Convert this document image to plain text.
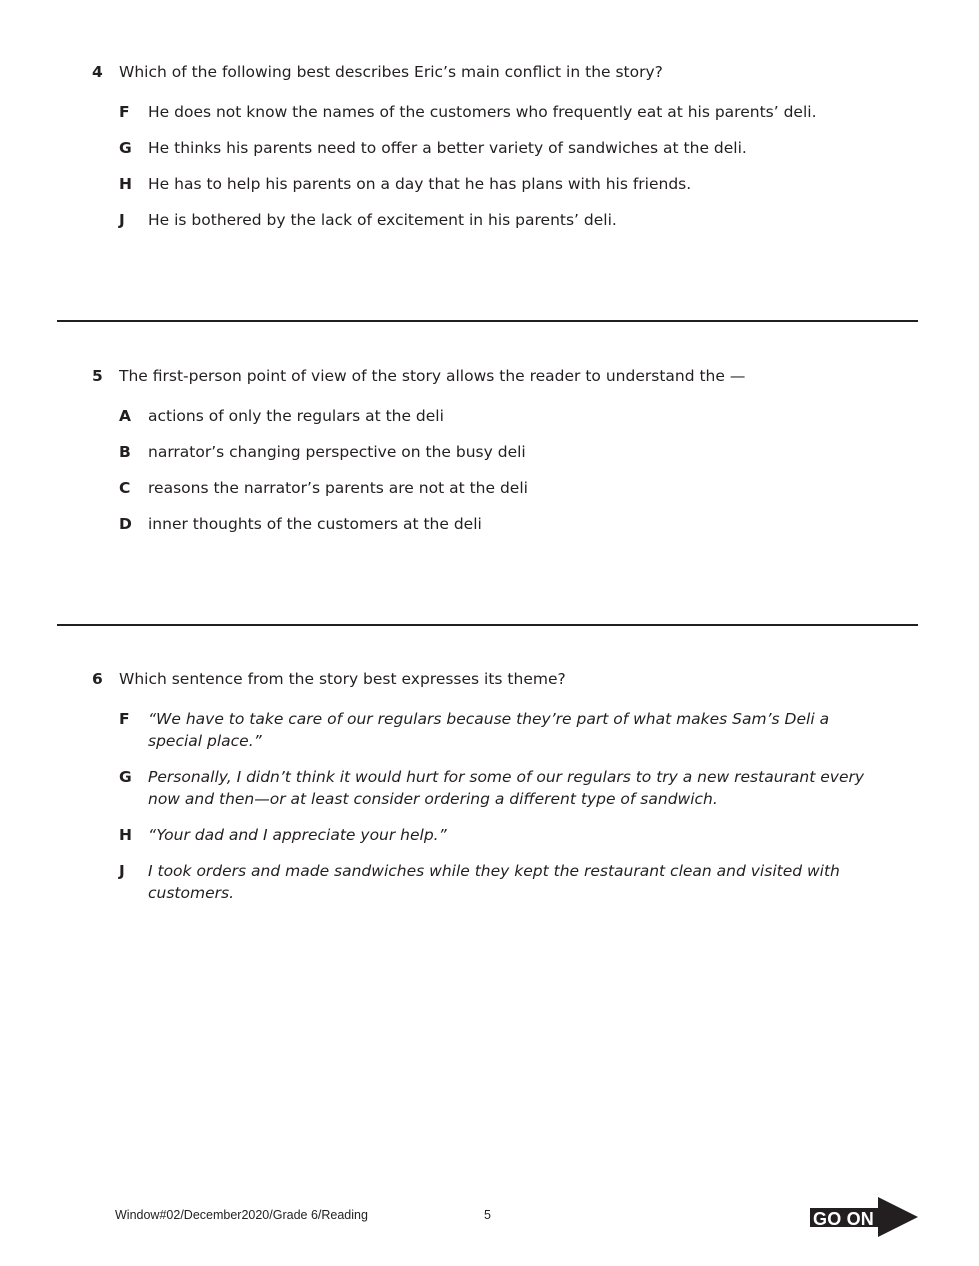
4	Which of the following best describes Eric’s main conflict in the story?
F	He does not know the names of the customers who frequently eat at his parents’ deli.
G	He thinks his parents need to offer a better variety of sandwiches at the deli.
H	He has to help his parents on a day that he has plans with his friends.
J	He is bothered by the lack of excitement in his parents’ deli.
5	The first-person point of view of the story allows the reader to understand the —
A	actions of only the regulars at the deli
B	narrator’s changing perspective on the busy deli
C	reasons the narrator’s parents are not at the deli
D	inner thoughts of the customers at the deli
6	Which sentence from the story best expresses its theme?
F	“We have to take care of our regulars because they’re part of what makes Sam’s Deli a special place.”
G	Personally, I didn’t think it would hurt for some of our regulars to try a new restaurant every now and then—or at least consider ordering a different type of sandwich.
H	“Your dad and I appreciate your help.”
J	I took orders and made sandwiches while they kept the restaurant clean and visited with customers.
Window#02/December2020/Grade 6/Reading	5	GO ON
